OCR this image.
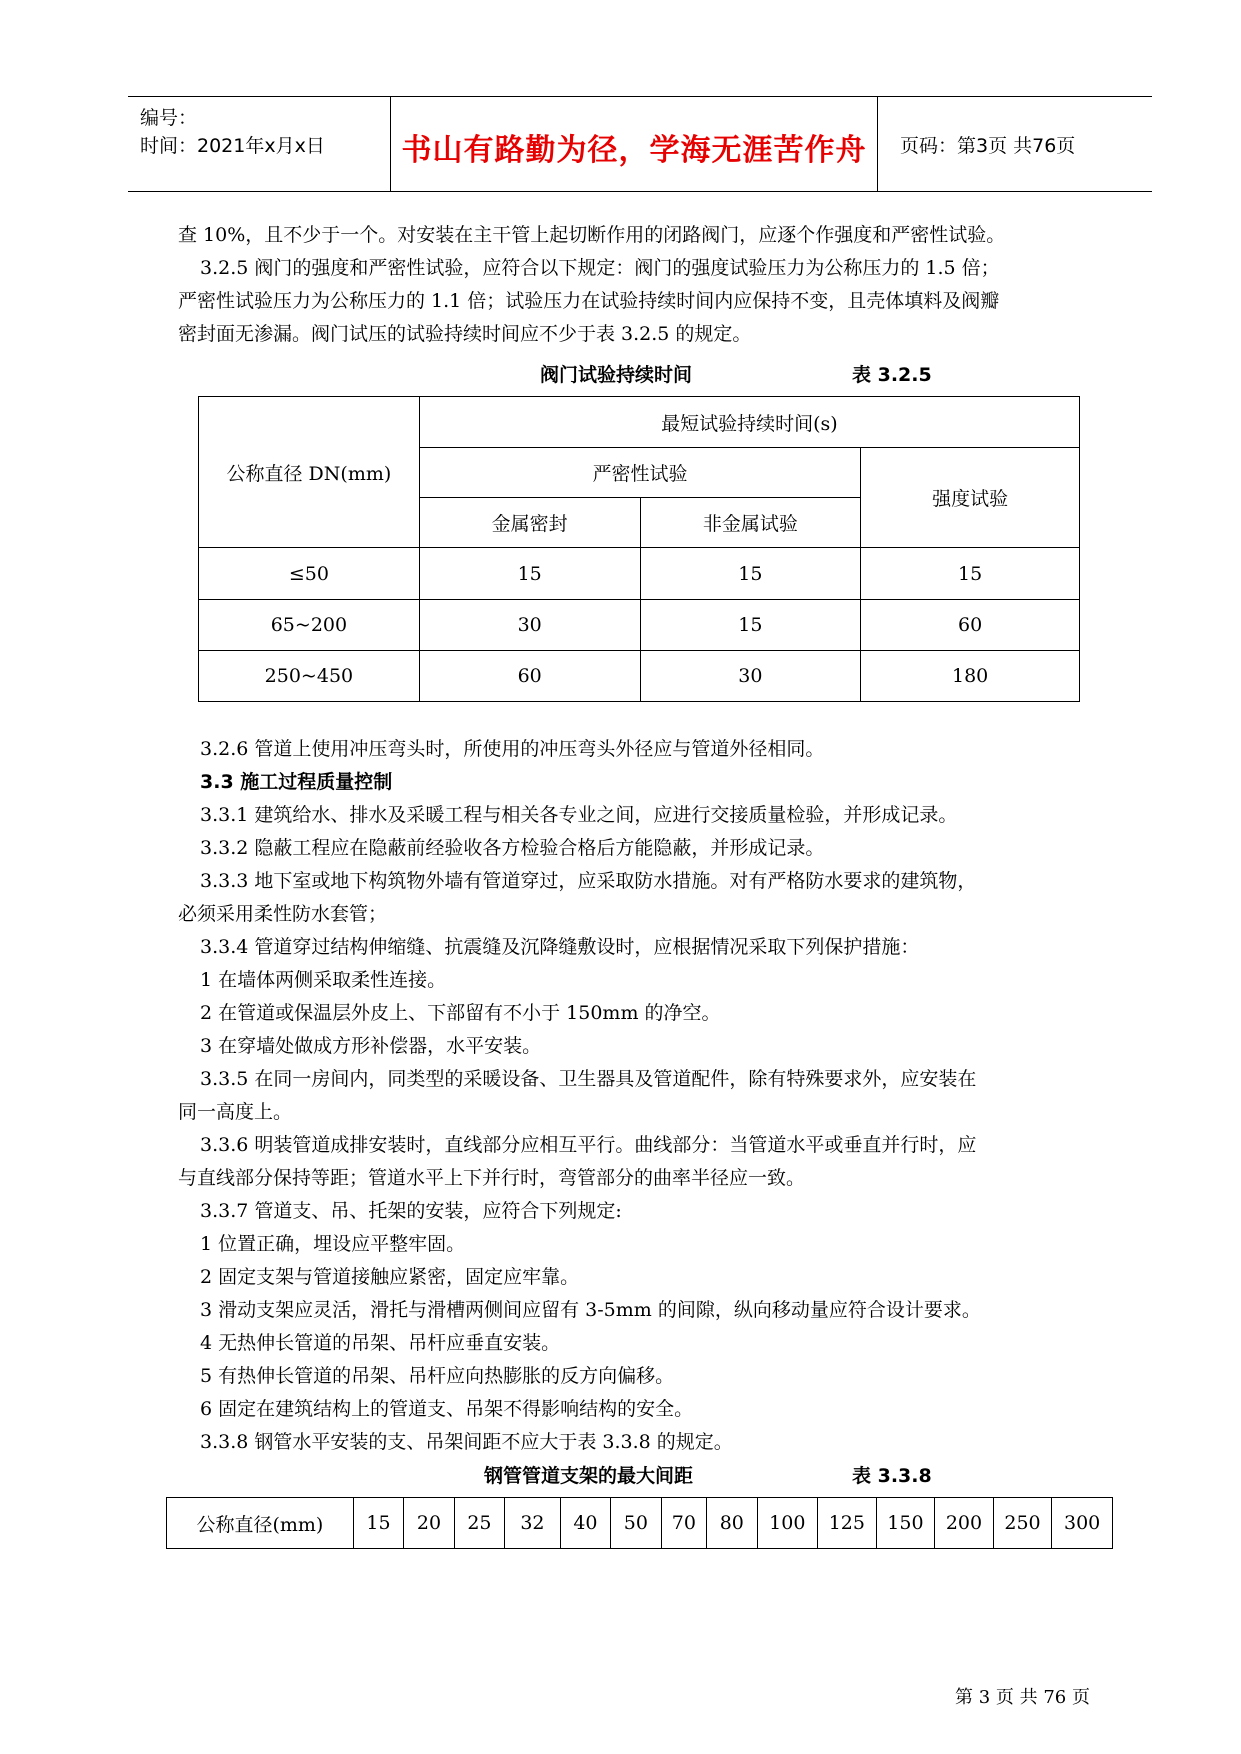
编号：
时间：2021年x月x日	书山有路勤为径，学海无涯苦作舟	页码：第3页 共76页
查 10%，且不少于一个。对安装在主干管上起切断作用的闭路阀门，应逐个作强度和严密性试验。
3.2.5 阀门的强度和严密性试验，应符合以下规定：阀门的强度试验压力为公称压力的 1.5 倍；
严密性试验压力为公称压力的 1.1 倍；试验压力在试验持续时间内应保持不变，且壳体填料及阀瓣
密封面无渗漏。阀门试压的试验持续时间应不少于表 3.2.5 的规定。
阀门试验持续时间	表 3.2.5
公称直径 DN(mm)	最短试验持续时间(s)		
	严密性试验		强度试验
	金属密封	非金属试验	
≤50	15	15	15
65~200	30	15	60
250~450	60	30	180
3.2.6 管道上使用冲压弯头时，所使用的冲压弯头外径应与管道外径相同。
3.3 施工过程质量控制
3.3.1 建筑给水、排水及采暖工程与相关各专业之间，应进行交接质量检验，并形成记录。
3.3.2 隐蔽工程应在隐蔽前经验收各方检验合格后方能隐蔽，并形成记录。
3.3.3 地下室或地下构筑物外墙有管道穿过，应采取防水措施。对有严格防水要求的建筑物，
必须采用柔性防水套管；
3.3.4 管道穿过结构伸缩缝、抗震缝及沉降缝敷设时，应根据情况采取下列保护措施：
1 在墙体两侧采取柔性连接。
2 在管道或保温层外皮上、下部留有不小于 150mm 的净空。
3 在穿墙处做成方形补偿器，水平安装。
3.3.5 在同一房间内，同类型的采暖设备、卫生器具及管道配件，除有特殊要求外，应安装在
同一高度上。
3.3.6 明装管道成排安装时，直线部分应相互平行。曲线部分：当管道水平或垂直并行时，应
与直线部分保持等距；管道水平上下并行时，弯管部分的曲率半径应一致。
3.3.7 管道支、吊、托架的安装，应符合下列规定:
1 位置正确，埋设应平整牢固。
2 固定支架与管道接触应紧密，固定应牢靠。
3 滑动支架应灵活，滑托与滑槽两侧间应留有 3-5mm 的间隙，纵向移动量应符合设计要求。
4 无热伸长管道的吊架、吊杆应垂直安装。
5 有热伸长管道的吊架、吊杆应向热膨胀的反方向偏移。
6 固定在建筑结构上的管道支、吊架不得影响结构的安全。
3.3.8 钢管水平安装的支、吊架间距不应大于表 3.3.8 的规定。
钢管管道支架的最大间距	表 3.3.8
公称直径(mm)	15	20	25	32	40	50	70	80	100	125	150	200	250	300
第 3 页 共 76 页
